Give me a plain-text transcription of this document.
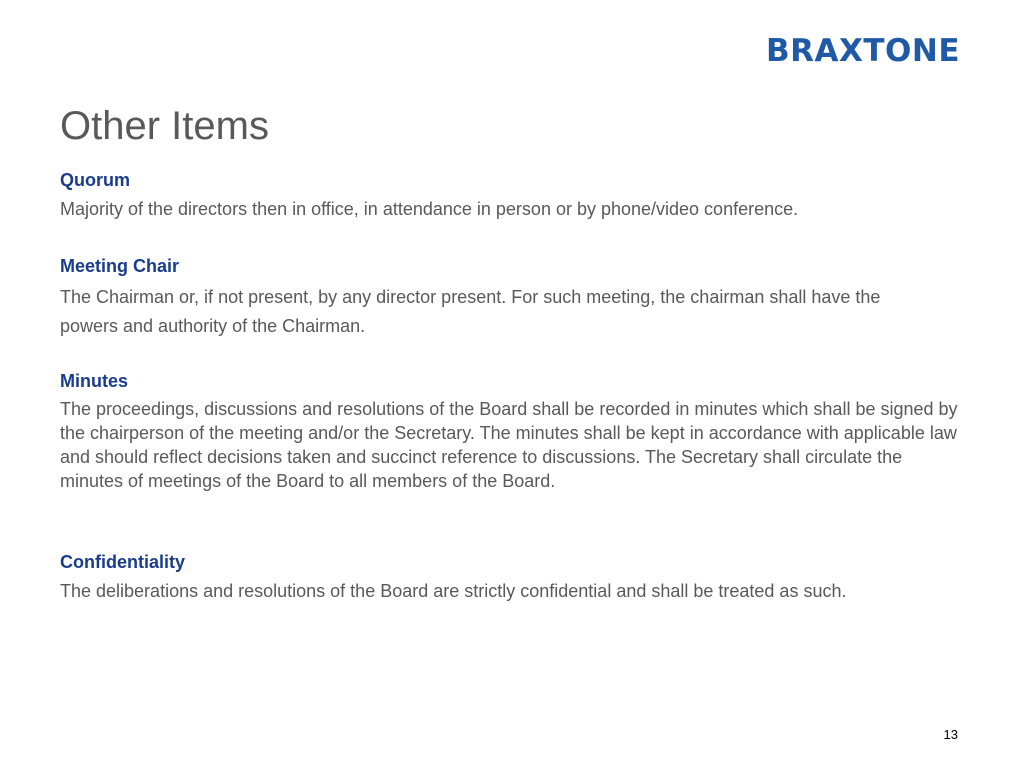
BRAXTONE
Other Items
Quorum

Majority of the directors then in office, in attendance in person or by phone/video conference.

Meeting Chair

The Chairman or, if not present, by any director present. For such meeting, the chairman shall have the powers and authority of the Chairman.

Minutes

The proceedings, discussions and resolutions of the Board shall be recorded in minutes which shall be signed by the chairperson of the meeting and/or the Secretary. The minutes shall be kept in accordance with applicable law and should reflect decisions taken and succinct reference to discussions. The Secretary shall circulate the minutes of meetings of the Board to all members of the Board.

Confidentiality

The deliberations and resolutions of the Board are strictly confidential and shall be treated as such.

13
